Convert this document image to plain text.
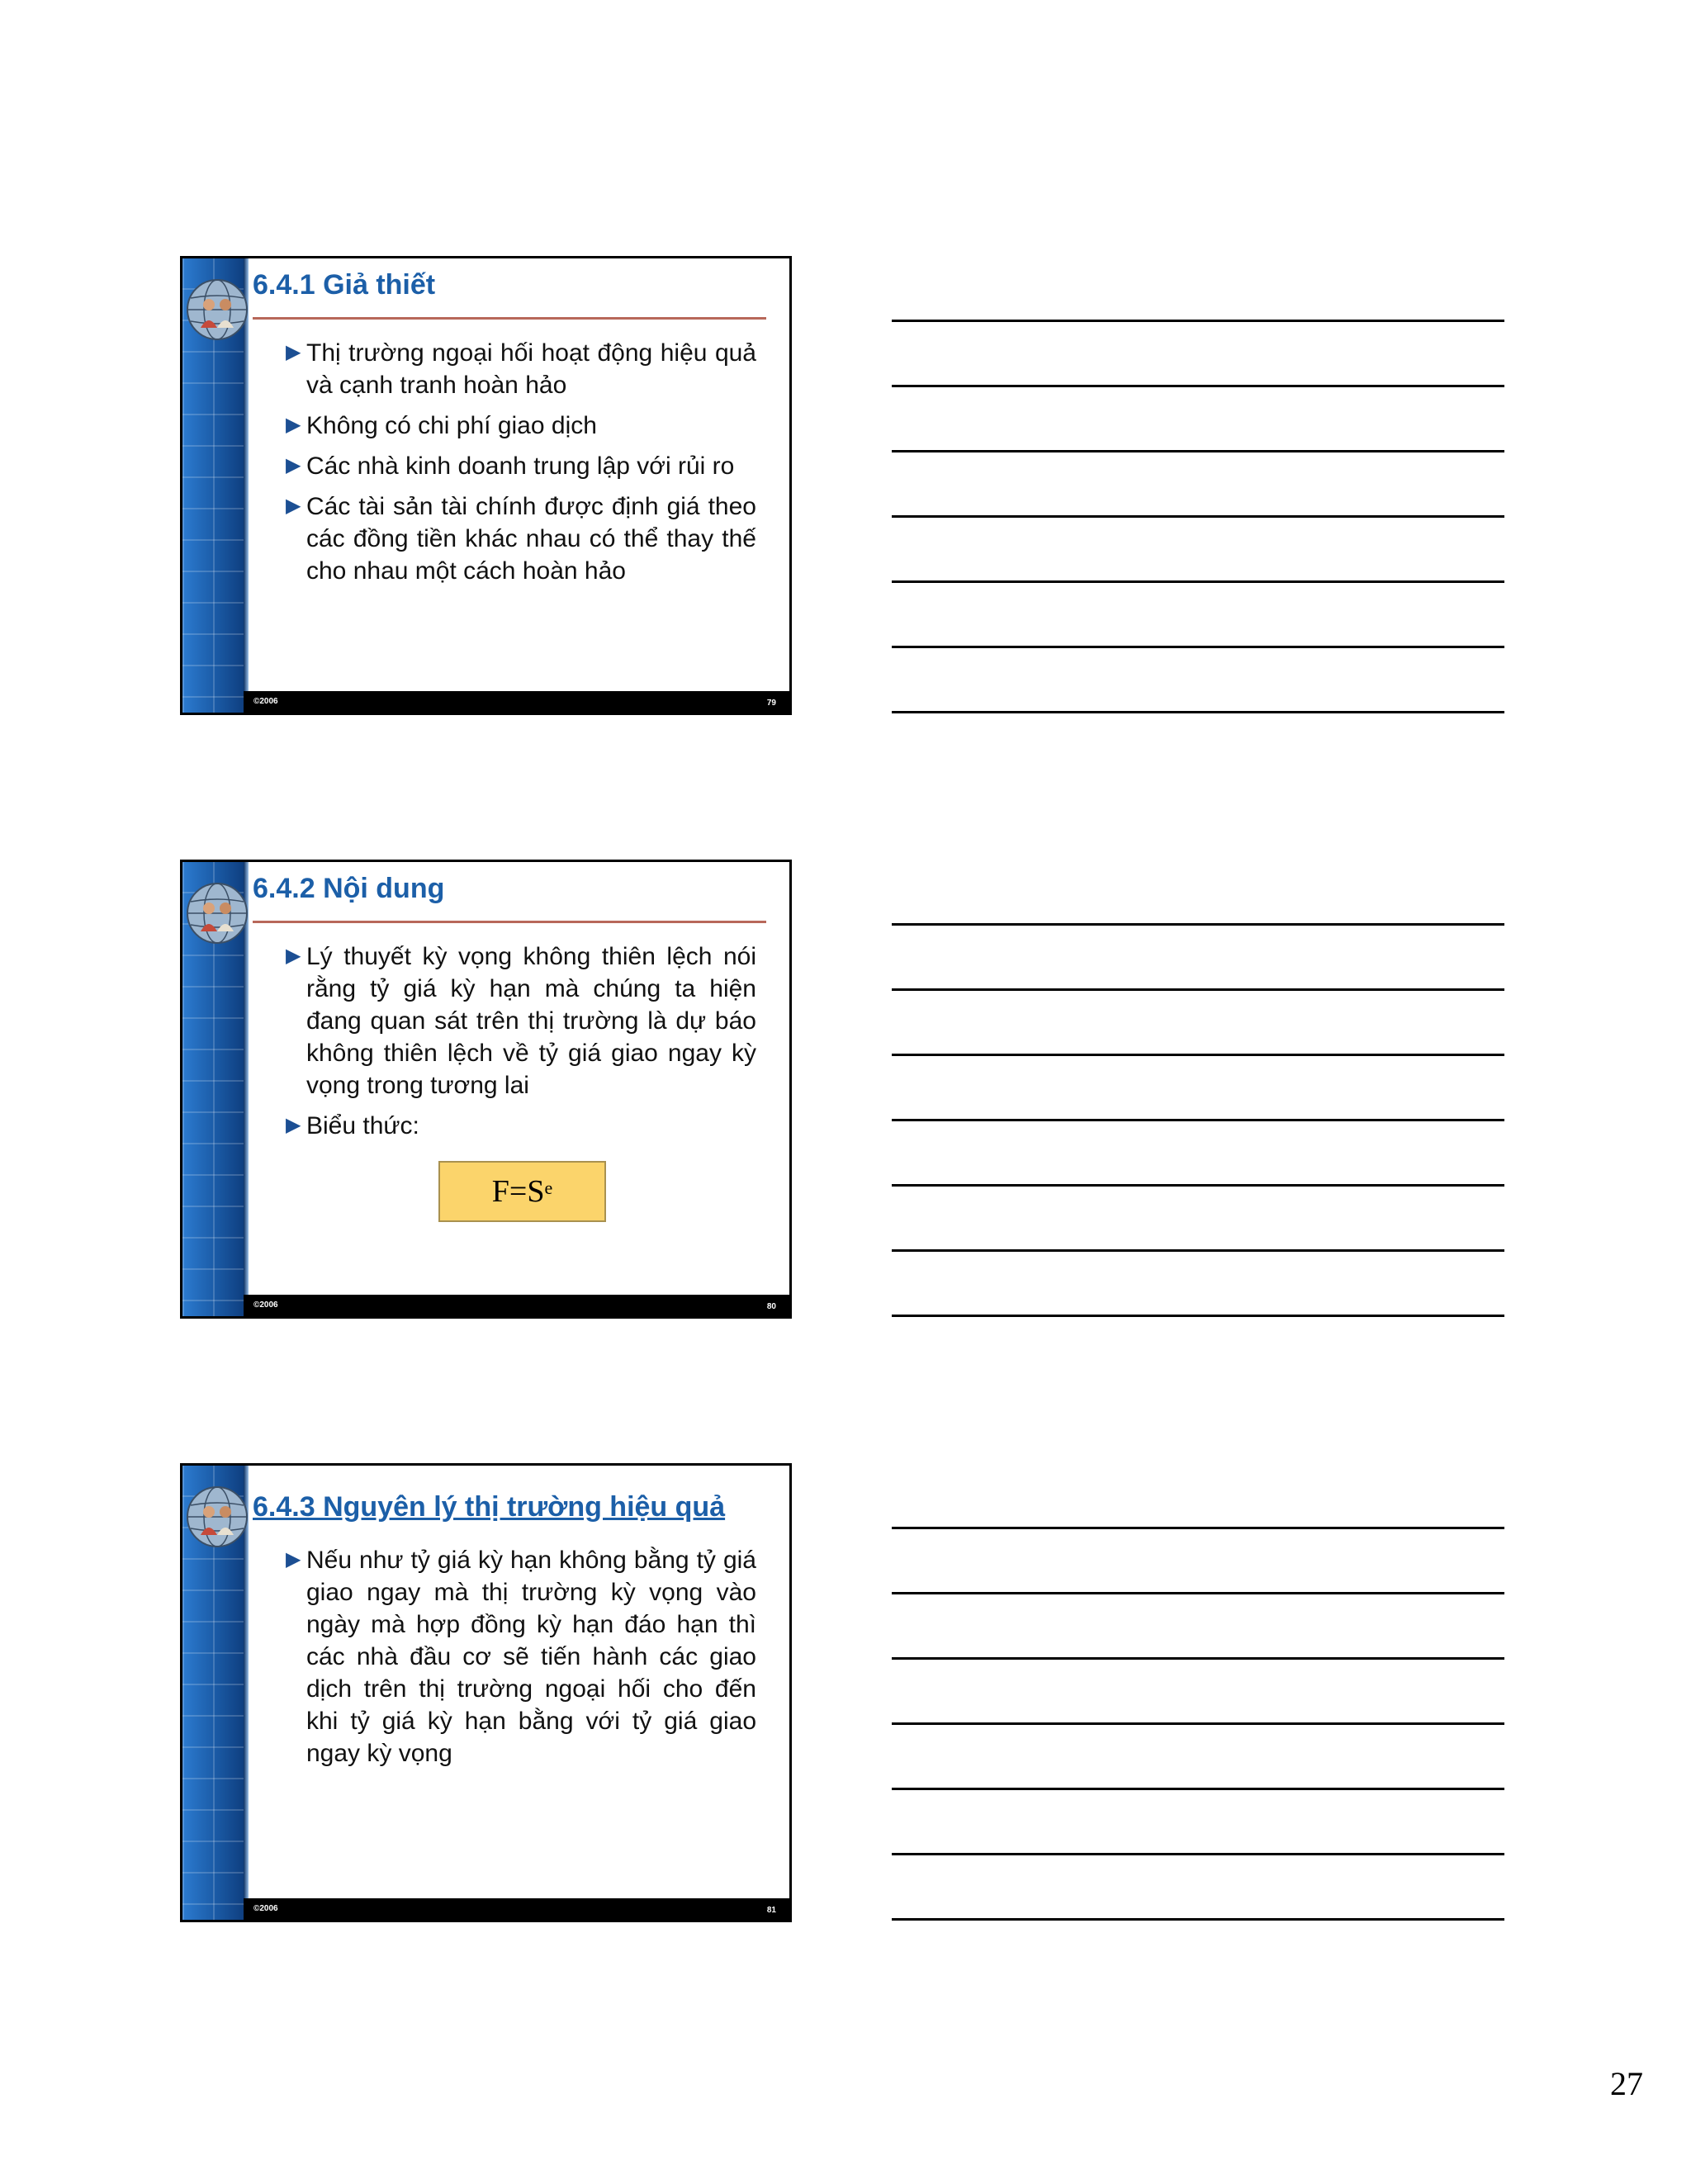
6.4.1 Giả thiết
▶ Thị trường ngoại hối hoạt động hiệu quả và cạnh tranh hoàn hảo
▶ Không có chi phí giao dịch
▶ Các nhà kinh doanh trung lập với rủi ro
▶ Các tài sản tài chính được định giá theo các đồng tiền khác nhau có thể thay thế cho nhau một cách hoàn hảo
©2006	79
6.4.2 Nội dung
▶ Lý thuyết kỳ vọng không thiên lệch nói rằng tỷ giá kỳ hạn mà chúng ta hiện đang quan sát trên thị trường là dự báo không thiên lệch về tỷ giá giao ngay kỳ vọng trong tương lai
▶ Biểu thức:
$F=S^e$
©2006	80
6.4.3 Nguyên lý thị trường hiệu quả
▶ Nếu như tỷ giá kỳ hạn không bằng tỷ giá giao ngay mà thị trường kỳ vọng vào ngày mà hợp đồng kỳ hạn đáo hạn thì các nhà đầu cơ sẽ tiến hành các giao dịch trên thị trường ngoại hối cho đến khi tỷ giá kỳ hạn bằng với tỷ giá giao ngay kỳ vọng
©2006	81
27
